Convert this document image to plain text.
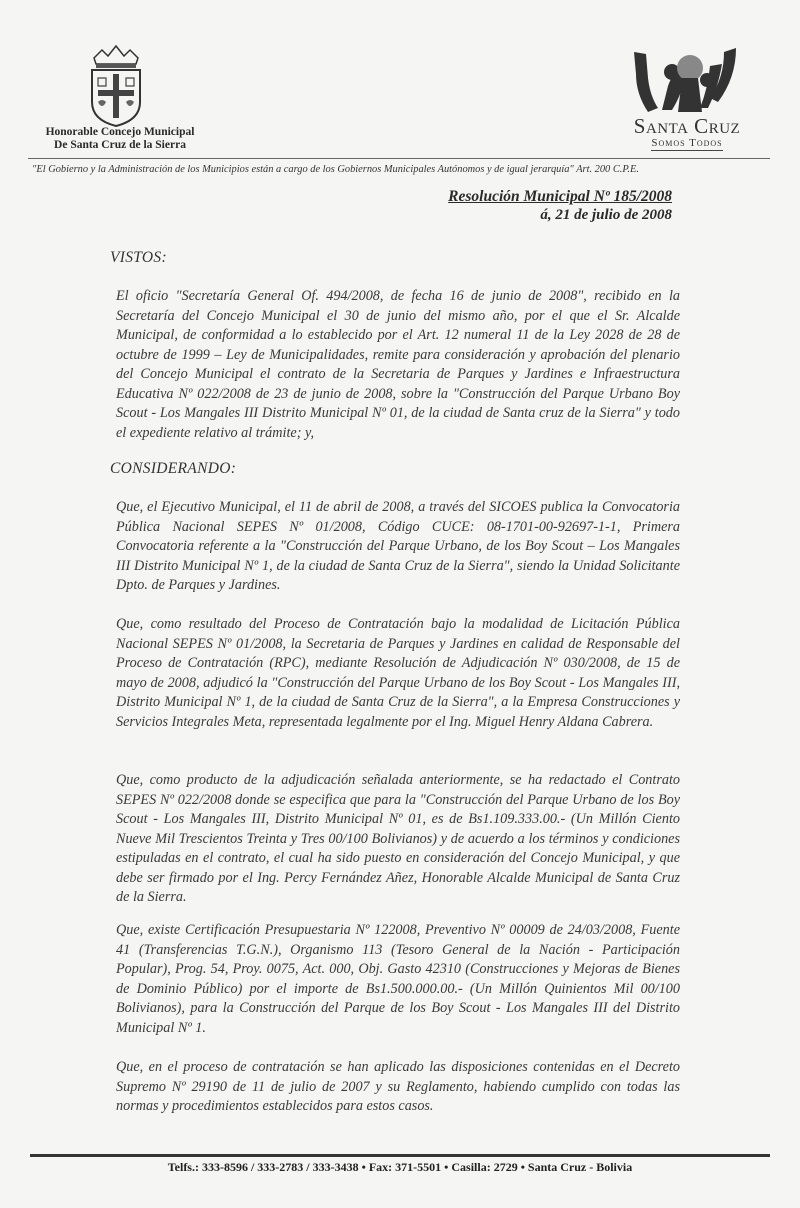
Honorable Concejo Municipal
De Santa Cruz de la Sierra
Santa Cruz
Somos Todos
"El Gobierno y la Administración de los Municipios están a cargo de los Gobiernos Municipales Autónomos y de igual jerarquía" Art. 200 C.P.E.
Resolución Municipal Nº 185/2008
á, 21 de julio de 2008
VISTOS:
El oficio "Secretaría General Of. 494/2008, de fecha 16 de junio de 2008", recibido en la Secretaría del Concejo Municipal el 30 de junio del mismo año, por el que el Sr. Alcalde Municipal, de conformidad a lo establecido por el Art. 12 numeral 11 de la Ley 2028 de 28 de octubre de 1999 – Ley de Municipalidades, remite para consideración y aprobación del plenario del Concejo Municipal el contrato de la Secretaria de Parques y Jardines e Infraestructura Educativa Nº 022/2008 de 23 de junio de 2008, sobre la "Construcción del Parque Urbano Boy Scout - Los Mangales III Distrito Municipal Nº 01, de la ciudad de Santa cruz de la Sierra" y todo el expediente relativo al trámite; y,
CONSIDERANDO:
Que, el Ejecutivo Municipal, el 11 de abril de 2008, a través del SICOES publica la Convocatoria Pública Nacional SEPES Nº 01/2008, Código CUCE: 08-1701-00-92697-1-1, Primera Convocatoria referente a la "Construcción del Parque Urbano, de los Boy Scout – Los Mangales III Distrito Municipal Nº 1, de la ciudad de Santa Cruz de la Sierra", siendo la Unidad Solicitante Dpto. de Parques y Jardines.
Que, como resultado del Proceso de Contratación bajo la modalidad de Licitación Pública Nacional SEPES Nº 01/2008, la Secretaria de Parques y Jardines en calidad de Responsable del Proceso de Contratación (RPC), mediante Resolución de Adjudicación Nº 030/2008, de 15 de mayo de 2008, adjudicó la "Construcción del Parque Urbano de los Boy Scout - Los Mangales III, Distrito Municipal Nº 1, de la ciudad de Santa Cruz de la Sierra", a la Empresa Construcciones y Servicios Integrales Meta, representada legalmente por el Ing. Miguel Henry Aldana Cabrera.
Que, como producto de la adjudicación señalada anteriormente, se ha redactado el Contrato SEPES Nº 022/2008 donde se especifica que para la "Construcción del Parque Urbano de los Boy Scout - Los Mangales III, Distrito Municipal Nº 01, es de Bs1.109.333.00.- (Un Millón Ciento Nueve Mil Trescientos Treinta y Tres 00/100 Bolivianos) y de acuerdo a los términos y condiciones estipuladas en el contrato, el cual ha sido puesto en consideración del Concejo Municipal, y que debe ser firmado por el Ing. Percy Fernández Añez, Honorable Alcalde Municipal de Santa Cruz de la Sierra.
Que, existe Certificación Presupuestaria Nº 122008, Preventivo Nº 00009 de 24/03/2008, Fuente 41 (Transferencias T.G.N.), Organismo 113 (Tesoro General de la Nación - Participación Popular), Prog. 54, Proy. 0075, Act. 000, Obj. Gasto 42310 (Construcciones y Mejoras de Bienes de Dominio Público) por el importe de Bs1.500.000.00.- (Un Millón Quinientos Mil 00/100 Bolivianos), para la Construcción del Parque de los Boy Scout - Los Mangales III del Distrito Municipal Nº 1.
Que, en el proceso de contratación se han aplicado las disposiciones contenidas en el Decreto Supremo Nº 29190 de 11 de julio de 2007 y su Reglamento, habiendo cumplido con todas las normas y procedimientos establecidos para estos casos.
Telfs.: 333-8596 / 333-2783 / 333-3438 • Fax: 371-5501 • Casilla: 2729 • Santa Cruz - Bolivia
